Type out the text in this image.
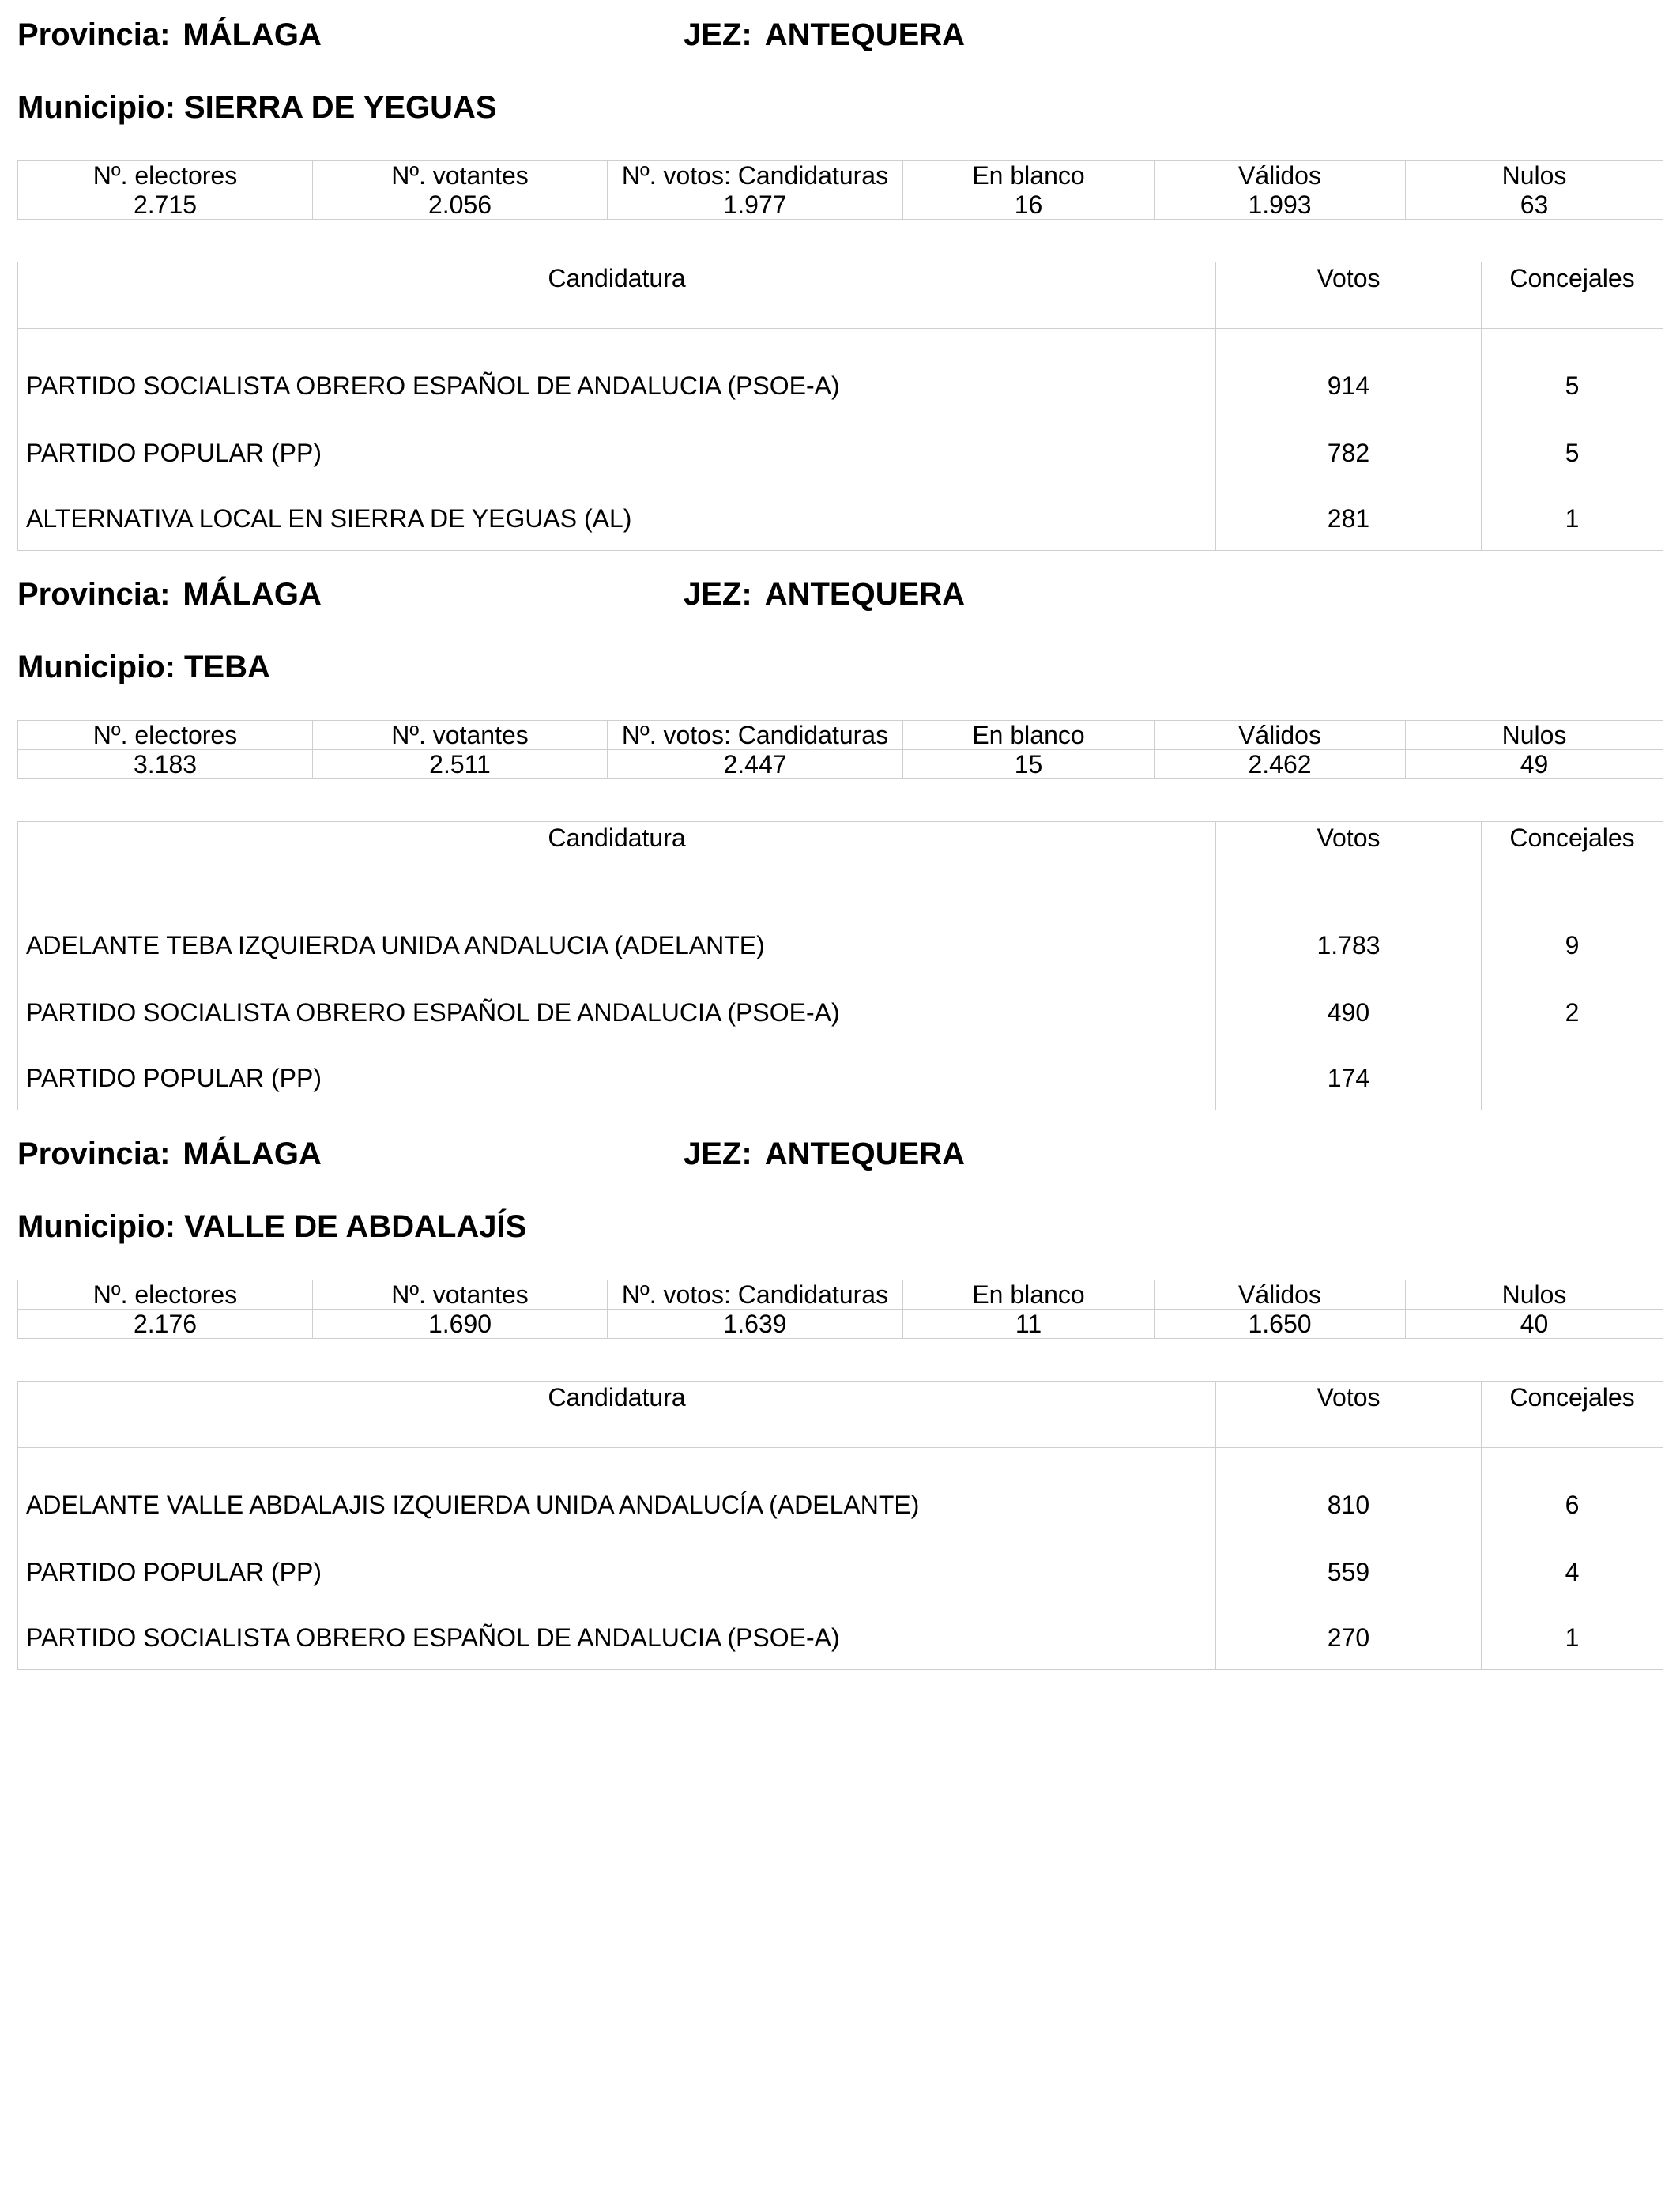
Provincia: MÁLAGA	JEZ: ANTEQUERA
Municipio: SIERRA DE YEGUAS
Nº. electores	Nº. votantes	Nº. votos: Candidaturas	En blanco	Válidos	Nulos
2.715	2.056	1.977	16	1.993	63
Candidatura	Votos	Concejales
PARTIDO SOCIALISTA OBRERO ESPAÑOL DE ANDALUCIA (PSOE-A)	914	5
PARTIDO POPULAR (PP)	782	5
ALTERNATIVA LOCAL EN SIERRA DE YEGUAS (AL)	281	1
Provincia: MÁLAGA	JEZ: ANTEQUERA
Municipio: TEBA
Nº. electores	Nº. votantes	Nº. votos: Candidaturas	En blanco	Válidos	Nulos
3.183	2.511	2.447	15	2.462	49
Candidatura	Votos	Concejales
ADELANTE TEBA IZQUIERDA UNIDA ANDALUCIA (ADELANTE)	1.783	9
PARTIDO SOCIALISTA OBRERO ESPAÑOL DE ANDALUCIA (PSOE-A)	490	2
PARTIDO POPULAR (PP)	174	
Provincia: MÁLAGA	JEZ: ANTEQUERA
Municipio: VALLE DE ABDALAJÍS
Nº. electores	Nº. votantes	Nº. votos: Candidaturas	En blanco	Válidos	Nulos
2.176	1.690	1.639	11	1.650	40
Candidatura	Votos	Concejales
ADELANTE VALLE ABDALAJIS IZQUIERDA UNIDA ANDALUCÍA (ADELANTE)	810	6
PARTIDO POPULAR (PP)	559	4
PARTIDO SOCIALISTA OBRERO ESPAÑOL DE ANDALUCIA (PSOE-A)	270	1
